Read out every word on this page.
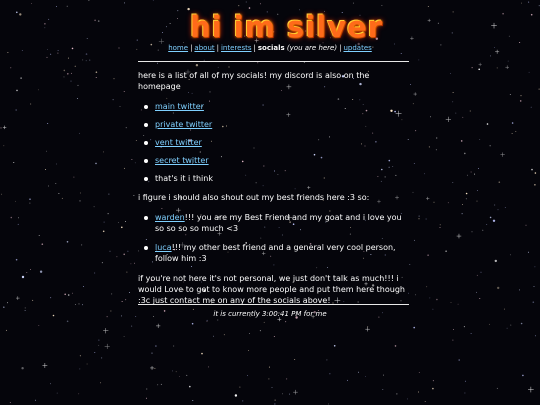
hi im silver
home | about | interests | socials (you are here) | updates

here is a list of all of my socials! my discord is also on the homepage

main twitter
private twitter
vent twitter
secret twitter
that's it i think

i figure i should also shout out my best friends here :3 so:

warden!!! you are my Best Friend and my goat and i love you so so so so much <3
luca!!! my other best friend and a general very cool person, follow him :3

if you're not here it's not personal, we just don't talk as much!!! i would Love to get to know more people and put them here though :3c just contact me on any of the socials above!

it is currently 3:00:41 PM for me
